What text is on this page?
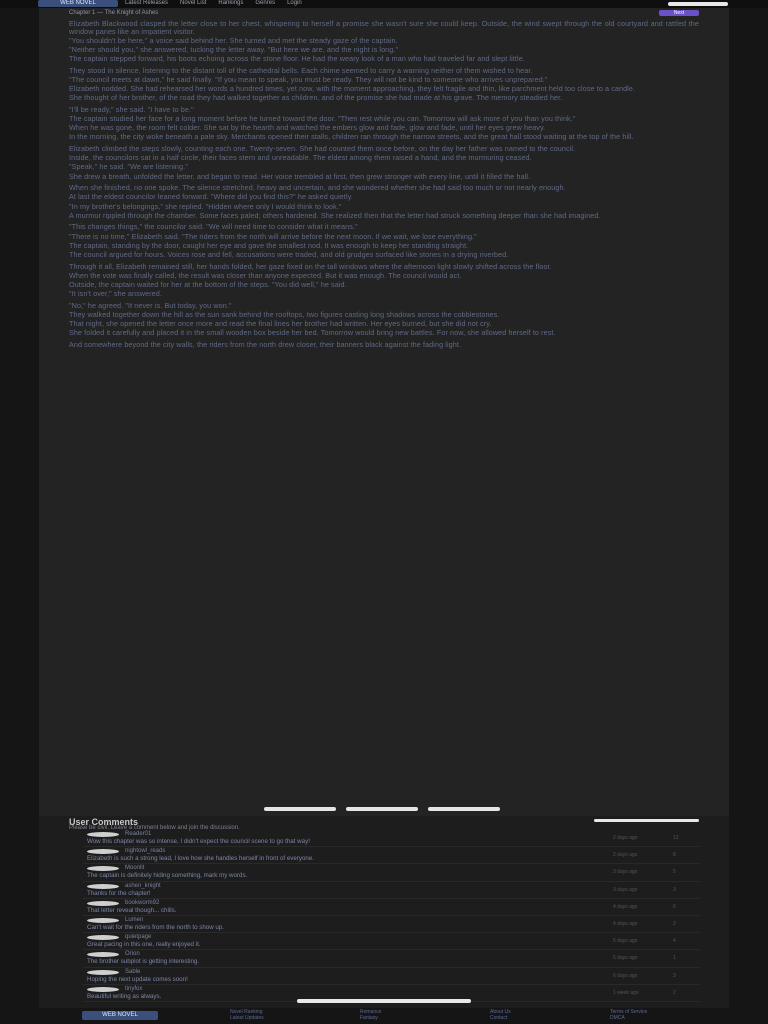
WEB NOVEL	Latest Releases Novel List Rankings Genres Login
Chapter 1 — The Knight of Ashes	Next

Elizabeth Blackwood clasped the letter close to her chest, whispering to herself a promise she wasn't sure she could keep. Outside, the wind swept through the old courtyard and rattled the window panes like an impatient visitor.

"You shouldn't be here," a voice said behind her. She turned and met the steady gaze of the captain.

"Neither should you," she answered, tucking the letter away. "But here we are, and the night is long."

The captain stepped forward, his boots echoing across the stone floor. He had the weary look of a man who had traveled far and slept little.

They stood in silence, listening to the distant toll of the cathedral bells. Each chime seemed to carry a warning neither of them wished to hear.

"The council meets at dawn," he said finally. "If you mean to speak, you must be ready. They will not be kind to someone who arrives unprepared."

Elizabeth nodded. She had rehearsed her words a hundred times, yet now, with the moment approaching, they felt fragile and thin, like parchment held too close to a candle.

She thought of her brother, of the road they had walked together as children, and of the promise she had made at his grave. The memory steadied her.

"I'll be ready," she said. "I have to be."

The captain studied her face for a long moment before he turned toward the door. "Then rest while you can. Tomorrow will ask more of you than you think."

When he was gone, the room felt colder. She sat by the hearth and watched the embers glow and fade, glow and fade, until her eyes grew heavy.

In the morning, the city woke beneath a pale sky. Merchants opened their stalls, children ran through the narrow streets, and the great hall stood waiting at the top of the hill.

Elizabeth climbed the steps slowly, counting each one. Twenty-seven. She had counted them once before, on the day her father was named to the council.

Inside, the councilors sat in a half circle, their faces stern and unreadable. The eldest among them raised a hand, and the murmuring ceased.

"Speak," he said. "We are listening."

She drew a breath, unfolded the letter, and began to read. Her voice trembled at first, then grew stronger with every line, until it filled the hall.

When she finished, no one spoke. The silence stretched, heavy and uncertain, and she wondered whether she had said too much or not nearly enough.

At last the eldest councilor leaned forward. "Where did you find this?" he asked quietly.

"In my brother's belongings," she replied. "Hidden where only I would think to look."

A murmur rippled through the chamber. Some faces paled; others hardened. She realized then that the letter had struck something deeper than she had imagined.

"This changes things," the councilor said. "We will need time to consider what it means."

"There is no time," Elizabeth said. "The riders from the north will arrive before the next moon. If we wait, we lose everything."

The captain, standing by the door, caught her eye and gave the smallest nod. It was enough to keep her standing straight.

The council argued for hours. Voices rose and fell, accusations were traded, and old grudges surfaced like stones in a drying riverbed.

Through it all, Elizabeth remained still, her hands folded, her gaze fixed on the tall windows where the afternoon light slowly shifted across the floor.

When the vote was finally called, the result was closer than anyone expected. But it was enough. The council would act.

Outside, the captain waited for her at the bottom of the steps. "You did well," he said.

"It isn't over," she answered.

"No," he agreed. "It never is. But today, you won."

They walked together down the hill as the sun sank behind the rooftops, two figures casting long shadows across the cobblestones.

That night, she opened the letter once more and read the final lines her brother had written. Her eyes burned, but she did not cry.

She folded it carefully and placed it in the small wooden box beside her bed. Tomorrow would bring new battles. For now, she allowed herself to rest.

And somewhere beyond the city walls, the riders from the north drew closer, their banners black against the fading light.

User Comments
Please be civil. Leave a comment below and join the discussion.
Reader01
Wow this chapter was so intense, I didn't expect the council scene to go that way!	2 days ago	12
nightowl_reads
Elizabeth is such a strong lead, I love how she handles herself in front of everyone.	2 days ago	8
Moonlit
The captain is definitely hiding something, mark my words.	3 days ago	5
ashen_knight
Thanks for the chapter!	3 days ago	3
bookworm92
That letter reveal though... chills.	4 days ago	6
Lumen
Can't wait for the riders from the north to show up.	4 days ago	2
quietpage
Great pacing in this one, really enjoyed it.	5 days ago	4
Orion
The brother subplot is getting interesting.	5 days ago	1
Sable
Hoping the next update comes soon!	6 days ago	3
tinyfox
Beautiful writing as always.	1 week ago	2
WEB NOVEL	Novel Ranking
Latest Updates
Romance
Fantasy
About Us
Contact
Terms of Service
DMCA
